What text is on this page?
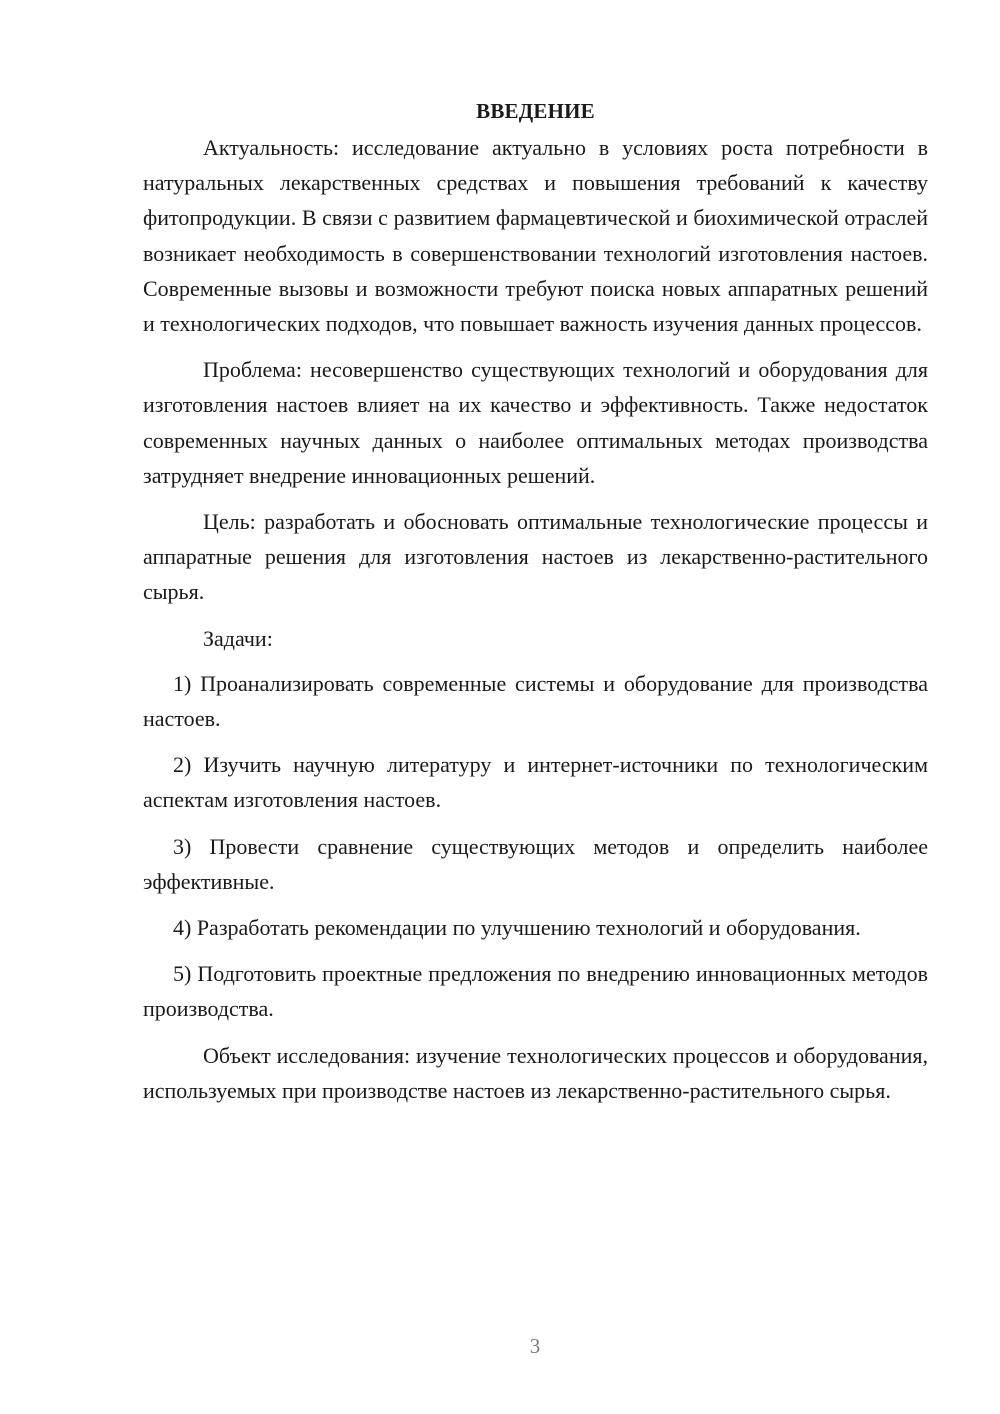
ВВЕДЕНИЕ

Актуальность: исследование актуально в условиях роста потребности в натуральных лекарственных средствах и повышения требований к качеству фитопродукции. В связи с развитием фармацевтической и биохимической отраслей возникает необходимость в совершенствовании технологий изготовления настоев. Современные вызовы и возможности требуют поиска новых аппаратных решений и технологических подходов, что повышает важность изучения данных процессов.

Проблема: несовершенство существующих технологий и оборудования для изготовления настоев влияет на их качество и эффективность. Также недостаток современных научных данных о наиболее оптимальных методах производства затрудняет внедрение инновационных решений.

Цель: разработать и обосновать оптимальные технологические процессы и аппаратные решения для изготовления настоев из лекарственно-растительного сырья.

Задачи:

1) Проанализировать современные системы и оборудование для производства настоев.

2) Изучить научную литературу и интернет-источники по технологическим аспектам изготовления настоев.

3) Провести сравнение существующих методов и определить наиболее эффективные.

4) Разработать рекомендации по улучшению технологий и оборудования.

5) Подготовить проектные предложения по внедрению инновационных методов производства.

Объект исследования: изучение технологических процессов и оборудования, используемых при производстве настоев из лекарственно-растительного сырья.

3
